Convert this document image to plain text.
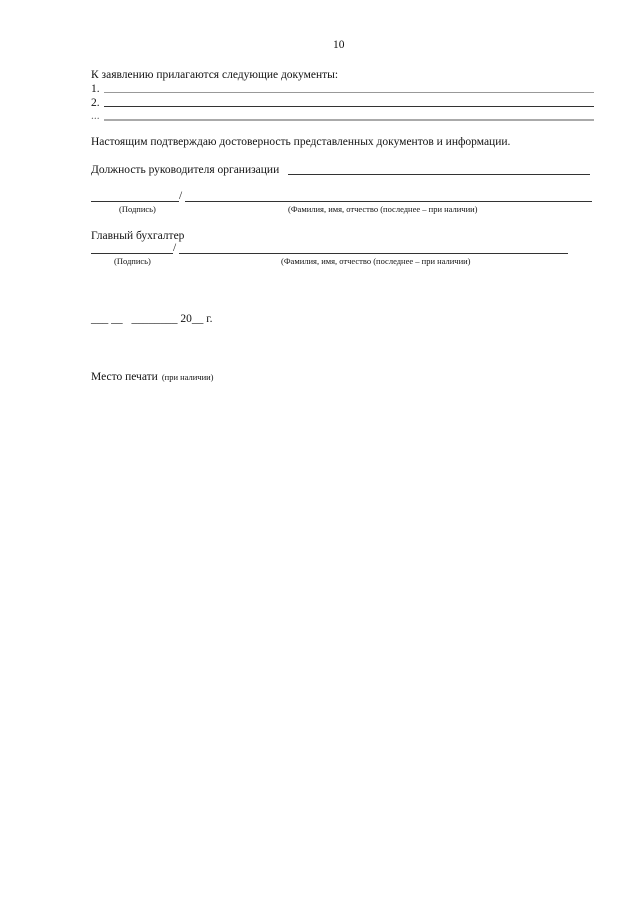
10
К заявлению прилагаются следующие документы:
1.
2.
...
Настоящим подтверждаю достоверность представленных документов и информации.
Должность руководителя организации
/
(Подпись)	(Фамилия, имя, отчество (последнее – при наличии)
Главный бухгалтер
/
(Подпись)	(Фамилия, имя, отчество (последнее – при наличии)
___ __ ________ 20__ г.
Место печати (при наличии)
